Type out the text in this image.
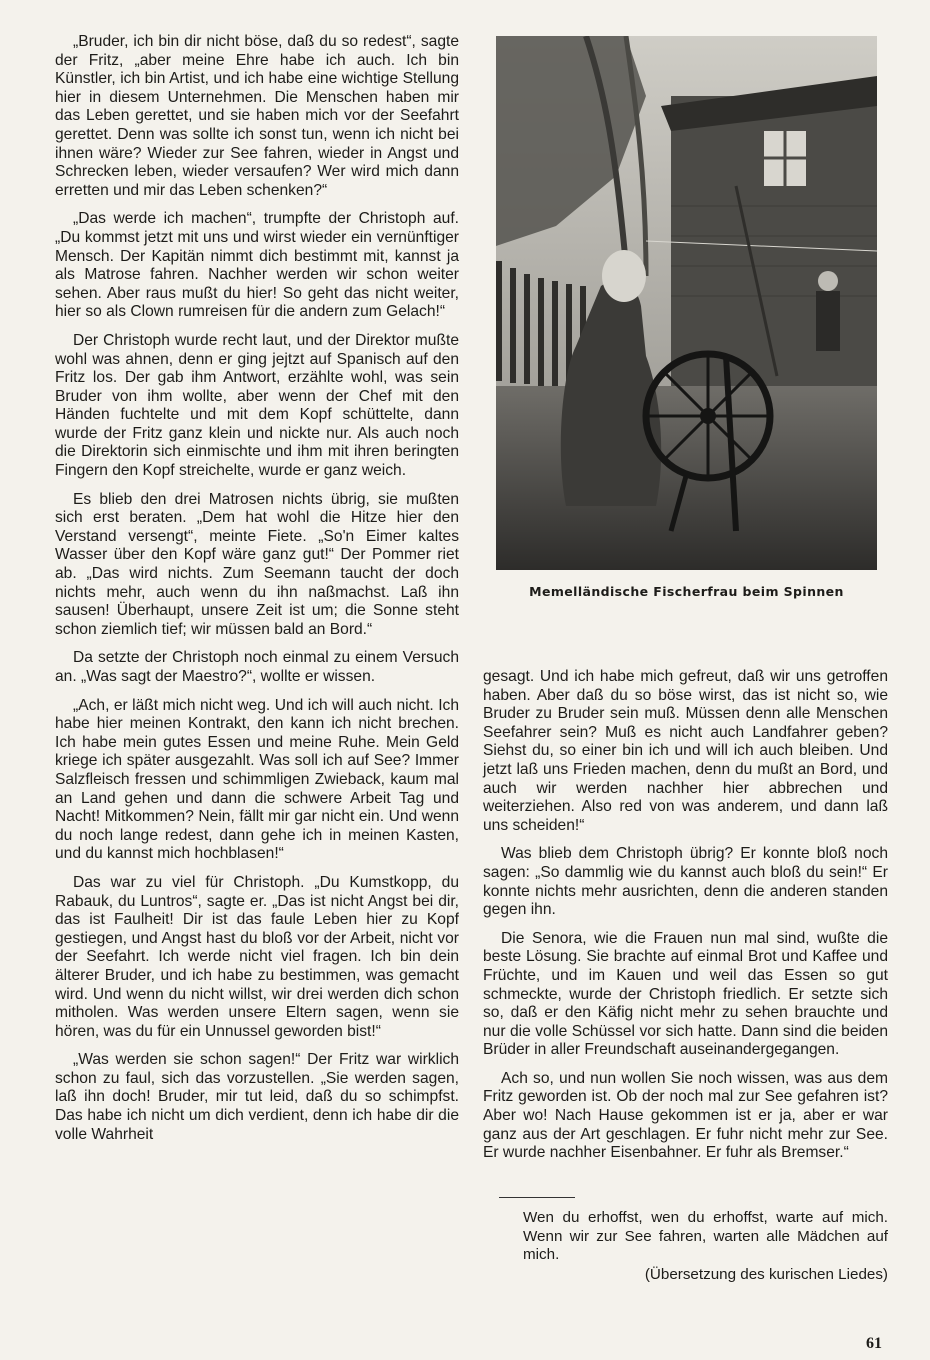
„Bruder, ich bin dir nicht böse, daß du so redest“, sagte der Fritz, „aber meine Ehre habe ich auch. Ich bin Künstler, ich bin Artist, und ich habe eine wichtige Stellung hier in diesem Unternehmen. Die Menschen haben mir das Leben gerettet, und sie haben mich vor der Seefahrt gerettet. Denn was sollte ich sonst tun, wenn ich nicht bei ihnen wäre? Wieder zur See fahren, wieder in Angst und Schrecken leben, wieder versaufen? Wer wird mich dann erretten und mir das Leben schenken?“

„Das werde ich machen“, trumpfte der Christoph auf. „Du kommst jetzt mit uns und wirst wieder ein vernünftiger Mensch. Der Kapitän nimmt dich bestimmt mit, kannst ja als Matrose fahren. Nachher werden wir schon weiter sehen. Aber raus mußt du hier! So geht das nicht weiter, hier so als Clown rumreisen für die andern zum Gelach!“

Der Christoph wurde recht laut, und der Direktor mußte wohl was ahnen, denn er ging jejtzt auf Spanisch auf den Fritz los. Der gab ihm Antwort, erzählte wohl, was sein Bruder von ihm wollte, aber wenn der Chef mit den Händen fuchtelte und mit dem Kopf schüttelte, dann wurde der Fritz ganz klein und nickte nur. Als auch noch die Direktorin sich einmischte und ihm mit ihren beringten Fingern den Kopf streichelte, wurde er ganz weich.

Es blieb den drei Matrosen nichts übrig, sie mußten sich erst beraten. „Dem hat wohl die Hitze hier den Verstand versengt“, meinte Fiete. „So'n Eimer kaltes Wasser über den Kopf wäre ganz gut!“ Der Pommer riet ab. „Das wird nichts. Zum Seemann taucht der doch nichts mehr, auch wenn du ihn naßmachst. Laß ihn sausen! Überhaupt, unsere Zeit ist um; die Sonne steht schon ziemlich tief; wir müssen bald an Bord.“

Da setzte der Christoph noch einmal zu einem Versuch an. „Was sagt der Maestro?“, wollte er wissen.

„Ach, er läßt mich nicht weg. Und ich will auch nicht. Ich habe hier meinen Kontrakt, den kann ich nicht brechen. Ich habe mein gutes Essen und meine Ruhe. Mein Geld kriege ich später ausgezahlt. Was soll ich auf See? Immer Salzfleisch fressen und schimmligen Zwieback, kaum mal an Land gehen und dann die schwere Arbeit Tag und Nacht! Mitkommen? Nein, fällt mir gar nicht ein. Und wenn du noch lange redest, dann gehe ich in meinen Kasten, und du kannst mich hochblasen!“

Das war zu viel für Christoph. „Du Kumstkopp, du Rabauk, du Luntros“, sagte er. „Das ist nicht Angst bei dir, das ist Faulheit! Dir ist das faule Leben hier zu Kopf gestiegen, und Angst hast du bloß vor der Arbeit, nicht vor der Seefahrt. Ich werde nicht viel fragen. Ich bin dein älterer Bruder, und ich habe zu bestimmen, was gemacht wird. Und wenn du nicht willst, wir drei werden dich schon mitholen. Was werden unsere Eltern sagen, wenn sie hören, was du für ein Unnussel geworden bist!“

„Was werden sie schon sagen!“ Der Fritz war wirklich schon zu faul, sich das vorzustellen. „Sie werden sagen, laß ihn doch! Bruder, mir tut leid, daß du so schimpfst. Das habe ich nicht um dich verdient, denn ich habe dir die volle Wahrheit

Memelländische Fischerfrau beim Spinnen

gesagt. Und ich habe mich gefreut, daß wir uns getroffen haben. Aber daß du so böse wirst, das ist nicht so, wie Bruder zu Bruder sein muß. Müssen denn alle Menschen Seefahrer sein? Muß es nicht auch Landfahrer geben? Siehst du, so einer bin ich und will ich auch bleiben. Und jetzt laß uns Frieden machen, denn du mußt an Bord, und auch wir werden nachher hier abbrechen und weiterziehen. Also red von was anderem, und dann laß uns scheiden!“

Was blieb dem Christoph übrig? Er konnte bloß noch sagen: „So dammlig wie du kannst auch bloß du sein!“ Er konnte nichts mehr ausrichten, denn die anderen standen gegen ihn.

Die Senora, wie die Frauen nun mal sind, wußte die beste Lösung. Sie brachte auf einmal Brot und Kaffee und Früchte, und im Kauen und weil das Essen so gut schmeckte, wurde der Christoph friedlich. Er setzte sich so, daß er den Käfig nicht mehr zu sehen brauchte und nur die volle Schüssel vor sich hatte. Dann sind die beiden Brüder in aller Freundschaft auseinandergegangen.

Ach so, und nun wollen Sie noch wissen, was aus dem Fritz geworden ist. Ob der noch mal zur See gefahren ist? Aber wo! Nach Hause gekommen ist er ja, aber er war ganz aus der Art geschlagen. Er fuhr nicht mehr zur See. Er wurde nachher Eisenbahner. Er fuhr als Bremser.“

Wen du erhoffst, wen du erhoffst, warte auf mich. Wenn wir zur See fahren, warten alle Mädchen auf mich.
(Übersetzung des kurischen Liedes)
61
